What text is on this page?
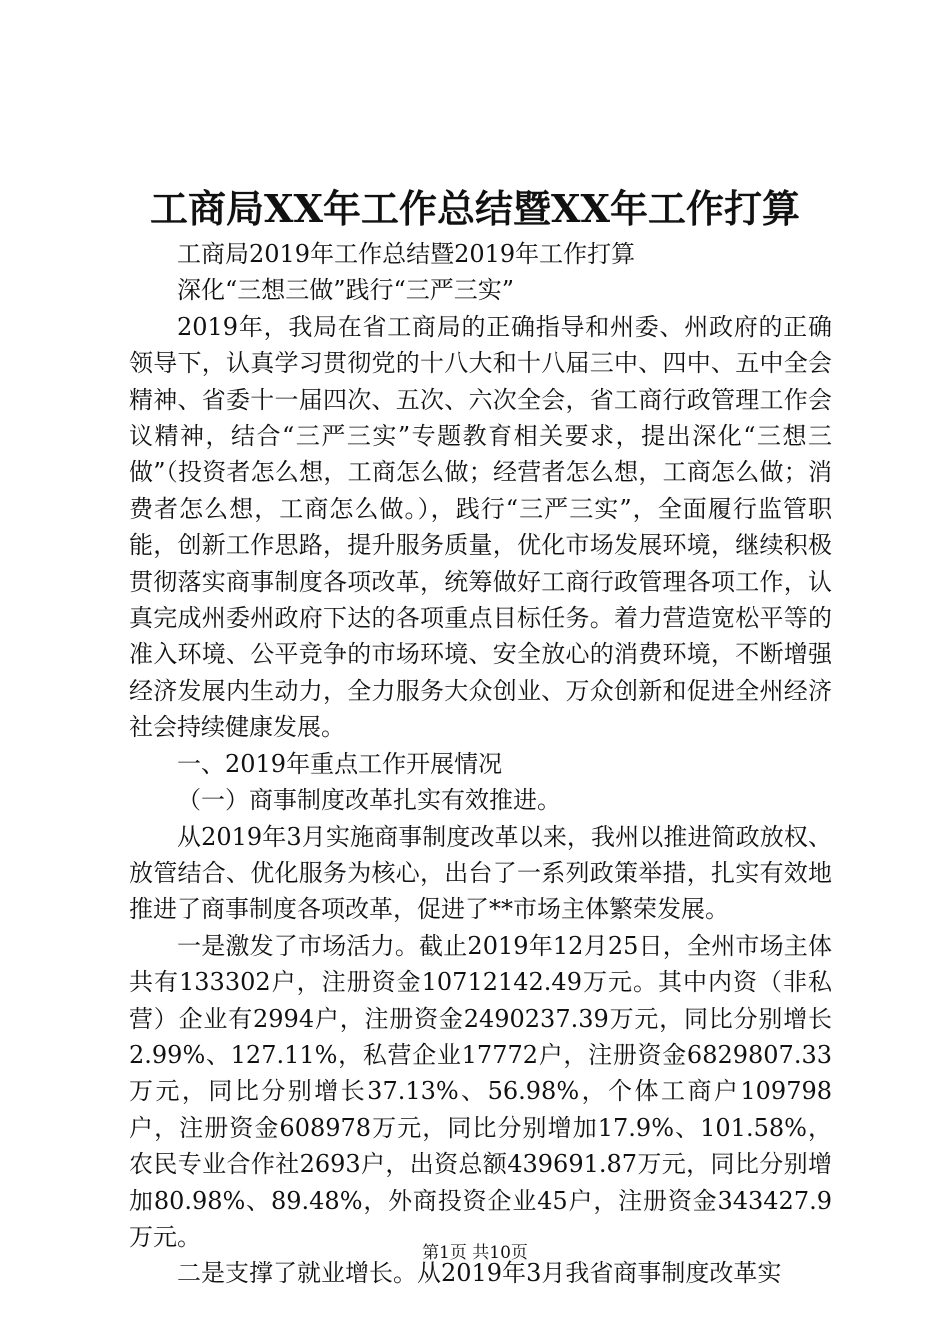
工商局XX年工作总结暨XX年工作打算

工商局2019年工作总结暨2019年工作打算

深化“三想三做”践行“三严三实”

2019年，我局在省工商局的正确指导和州委、州政府的正确领导下，认真学习贯彻党的十八大和十八届三中、四中、五中全会精神、省委十一届四次、五次、六次全会，省工商行政管理工作会议精神，结合“三严三实”专题教育相关要求，提出深化“三想三做”（投资者怎么想，工商怎么做；经营者怎么想，工商怎么做；消费者怎么想，工商怎么做。），践行“三严三实”，全面履行监管职能，创新工作思路，提升服务质量，优化市场发展环境，继续积极贯彻落实商事制度各项改革，统筹做好工商行政管理各项工作，认真完成州委州政府下达的各项重点目标任务。着力营造宽松平等的准入环境、公平竞争的市场环境、安全放心的消费环境，不断增强经济发展内生动力，全力服务大众创业、万众创新和促进全州经济社会持续健康发展。

一、2019年重点工作开展情况

（一）商事制度改革扎实有效推进。

从2019年3月实施商事制度改革以来，我州以推进简政放权、放管结合、优化服务为核心，出台了一系列政策举措，扎实有效地推进了商事制度各项改革，促进了**市场主体繁荣发展。

一是激发了市场活力。截止2019年12月25日，全州市场主体共有133302户，注册资金10712142.49万元。其中内资（非私营）企业有2994户，注册资金2490237.39万元，同比分别增长2.99%、127.11%，私营企业17772户，注册资金6829807.33万元，同比分别增长37.13%、56.98%，个体工商户109798户，注册资金608978万元，同比分别增加17.9%、101.58%，农民专业合作社2693户，出资总额439691.87万元，同比分别增加80.98%、89.48%，外商投资企业45户，注册资金343427.9万元。

二是支撑了就业增长。从2019年3月我省商事制度改革实

第1页 共10页
